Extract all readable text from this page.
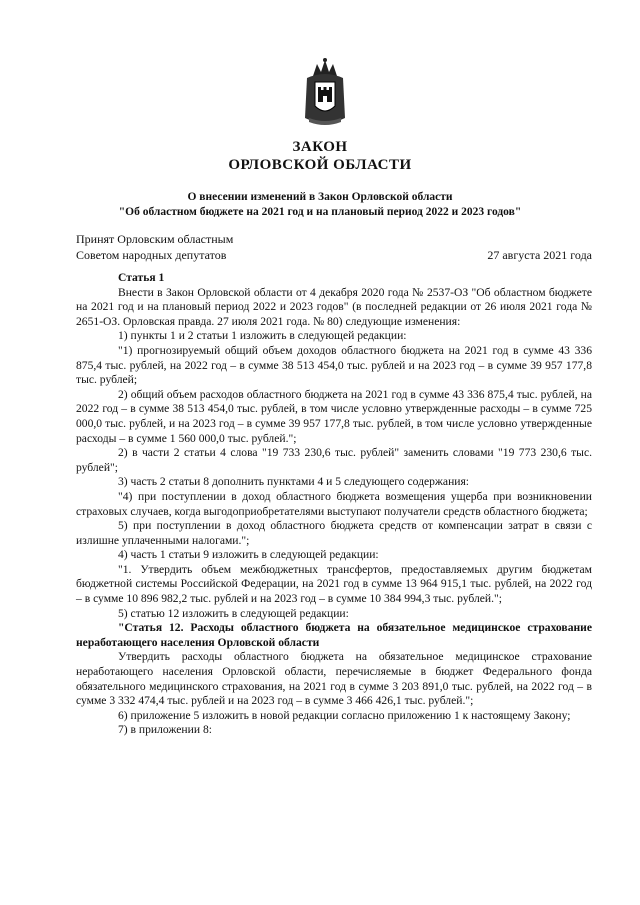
ЗАКОН
ОРЛОВСКОЙ ОБЛАСТИ
О внесении изменений в Закон Орловской области
"Об областном бюджете на 2021 год и на плановый период 2022 и 2023 годов"
Принят Орловским областным
Советом народных депутатов	27 августа 2021 года

Статья 1

Внести в Закон Орловской области от 4 декабря 2020 года № 2537-ОЗ "Об областном бюджете на 2021 год и на плановый период 2022 и 2023 годов" (в последней редакции от 26 июля 2021 года № 2651-ОЗ. Орловская правда. 27 июля 2021 года. № 80) следующие изменения:

1) пункты 1 и 2 статьи 1 изложить в следующей редакции:

"1) прогнозируемый общий объем доходов областного бюджета на 2021 год в сумме 43 336 875,4 тыс. рублей, на 2022 год – в сумме 38 513 454,0 тыс. рублей и на 2023 год – в сумме 39 957 177,8 тыс. рублей;

2) общий объем расходов областного бюджета на 2021 год в сумме 43 336 875,4 тыс. рублей, на 2022 год – в сумме 38 513 454,0 тыс. рублей, в том числе условно утвержденные расходы – в сумме 725 000,0 тыс. рублей, и на 2023 год – в сумме 39 957 177,8 тыс. рублей, в том числе условно утвержденные расходы – в сумме 1 560 000,0 тыс. рублей.";

2) в части 2 статьи 4 слова "19 733 230,6 тыс. рублей" заменить словами "19 773 230,6 тыс. рублей";

3) часть 2 статьи 8 дополнить пунктами 4 и 5 следующего содержания:

"4) при поступлении в доход областного бюджета возмещения ущерба при возникновении страховых случаев, когда выгодоприобретателями выступают получатели средств областного бюджета;

5) при поступлении в доход областного бюджета средств от компенсации затрат в связи с излишне уплаченными налогами.";

4) часть 1 статьи 9 изложить в следующей редакции:

"1. Утвердить объем межбюджетных трансфертов, предоставляемых другим бюджетам бюджетной системы Российской Федерации, на 2021 год в сумме 13 964 915,1 тыс. рублей, на 2022 год – в сумме 10 896 982,2 тыс. рублей и на 2023 год – в сумме 10 384 994,3 тыс. рублей.";

5) статью 12 изложить в следующей редакции:

"Статья 12. Расходы областного бюджета на обязательное медицинское страхование неработающего населения Орловской области

Утвердить расходы областного бюджета на обязательное медицинское страхование неработающего населения Орловской области, перечисляемые в бюджет Федерального фонда обязательного медицинского страхования, на 2021 год в сумме 3 203 891,0 тыс. рублей, на 2022 год – в сумме 3 332 474,4 тыс. рублей и на 2023 год – в сумме 3 466 426,1 тыс. рублей.";

6) приложение 5 изложить в новой редакции согласно приложению 1 к настоящему Закону;

7) в приложении 8:
